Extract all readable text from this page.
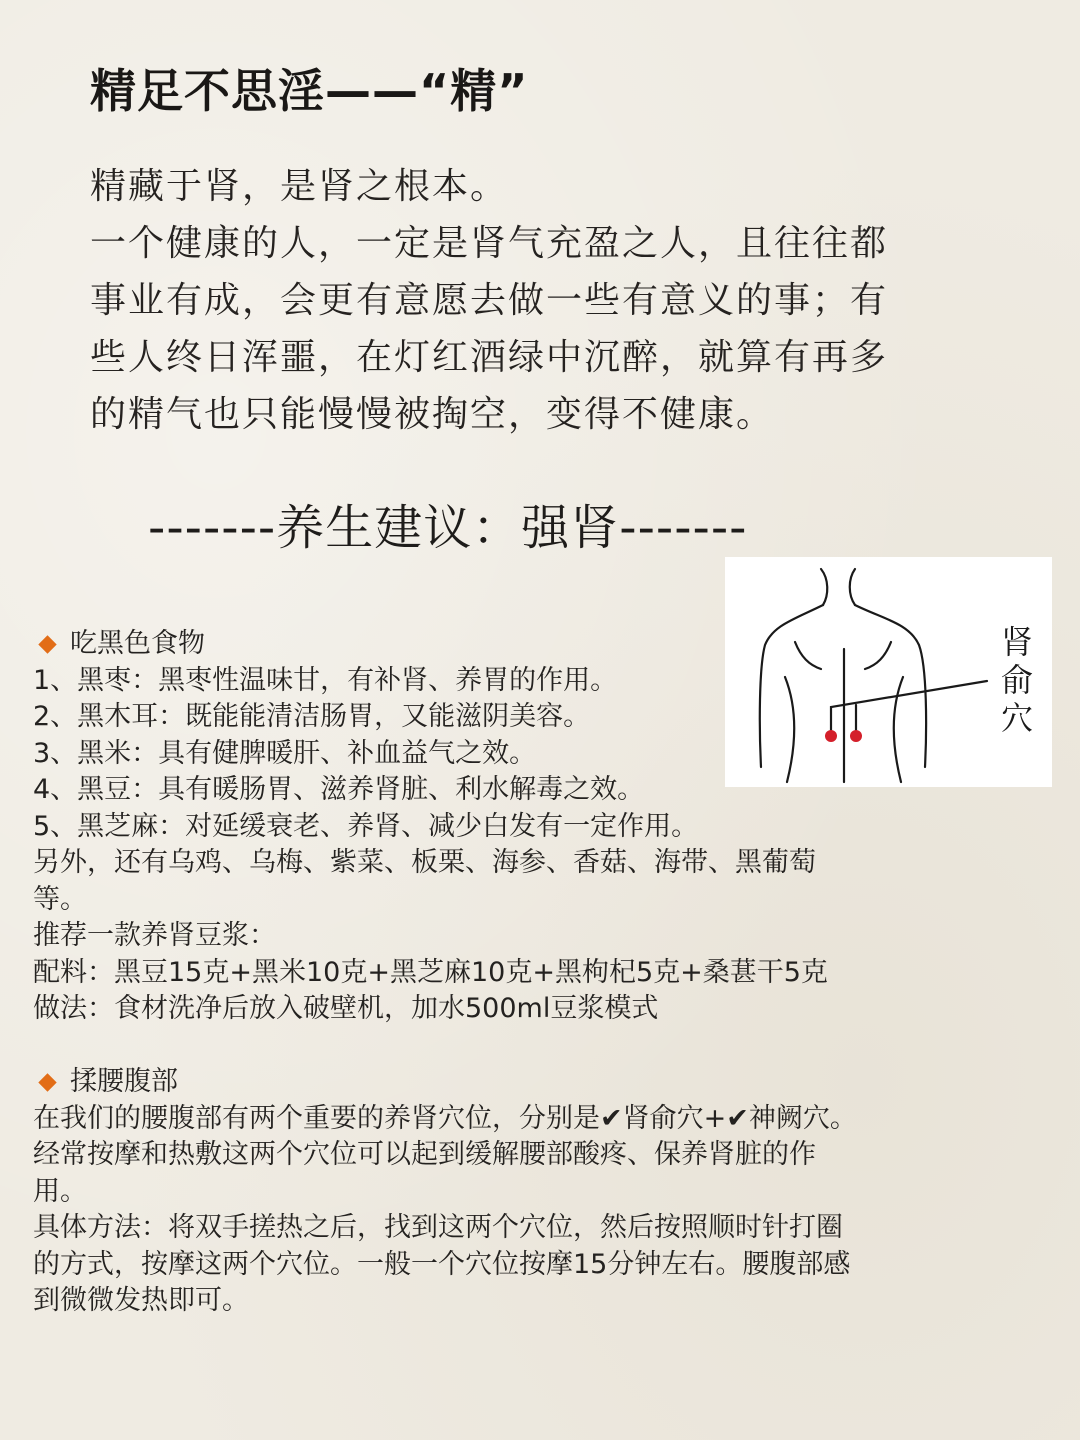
精足不思淫——“精”

精藏于肾，是肾之根本。

一个健康的人，一定是肾气充盈之人，且往往都

事业有成，会更有意愿去做一些有意义的事；有

些人终日浑噩，在灯红酒绿中沉醉，就算有再多

的精气也只能慢慢被掏空，变得不健康。

-------养生建议：强肾-------
肾
俞
穴
吃黑色食物
1、黑枣：黑枣性温味甘，有补肾、养胃的作用。
2、黑木耳：既能能清洁肠胃，又能滋阴美容。
3、黑米：具有健脾暖肝、补血益气之效。
4、黑豆：具有暖肠胃、滋养肾脏、利水解毒之效。
5、黑芝麻：对延缓衰老、养肾、减少白发有一定作用。
另外，还有乌鸡、乌梅、紫菜、板栗、海参、香菇、海带、黑葡萄
等。
推荐一款养肾豆浆：
配料：黑豆15克+黑米10克+黑芝麻10克+黑枸杞5克+桑葚干5克
做法：食材洗净后放入破壁机，加水500ml豆浆模式
揉腰腹部
在我们的腰腹部有两个重要的养肾穴位，分别是✔肾俞穴+✔神阙穴。
经常按摩和热敷这两个穴位可以起到缓解腰部酸疼、保养肾脏的作
用。
具体方法：将双手搓热之后，找到这两个穴位，然后按照顺时针打圈
的方式，按摩这两个穴位。一般一个穴位按摩15分钟左右。腰腹部感
到微微发热即可。
